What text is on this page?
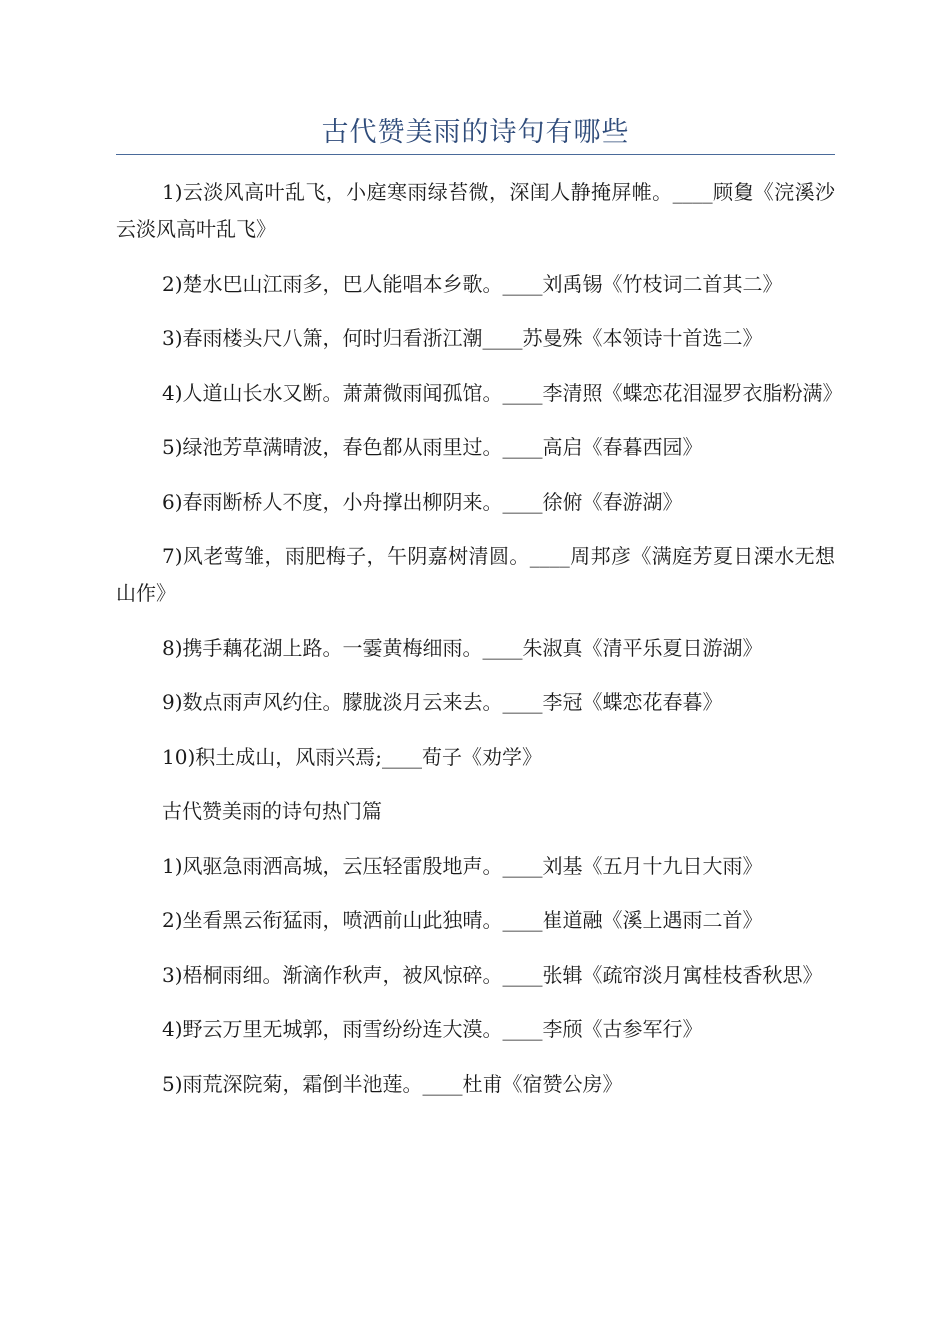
古代赞美雨的诗句有哪些

1)云淡风高叶乱飞，小庭寒雨绿苔微，深闺人静掩屏帷。____顾敻《浣溪沙云淡风高叶乱飞》

2)楚水巴山江雨多，巴人能唱本乡歌。____刘禹锡《竹枝词二首其二》

3)春雨楼头尺八箫，何时归看浙江潮____苏曼殊《本领诗十首选二》

4)人道山长水又断。萧萧微雨闻孤馆。____李清照《蝶恋花泪湿罗衣脂粉满》

5)绿池芳草满晴波，春色都从雨里过。____高启《春暮西园》

6)春雨断桥人不度，小舟撑出柳阴来。____徐俯《春游湖》

7)风老莺雏，雨肥梅子，午阴嘉树清圆。____周邦彦《满庭芳夏日溧水无想山作》

8)携手藕花湖上路。一霎黄梅细雨。____朱淑真《清平乐夏日游湖》

9)数点雨声风约住。朦胧淡月云来去。____李冠《蝶恋花春暮》

10)积土成山，风雨兴焉;____荀子《劝学》

古代赞美雨的诗句热门篇

1)风驱急雨洒高城，云压轻雷殷地声。____刘基《五月十九日大雨》

2)坐看黑云衔猛雨，喷洒前山此独晴。____崔道融《溪上遇雨二首》

3)梧桐雨细。渐滴作秋声，被风惊碎。____张辑《疏帘淡月寓桂枝香秋思》

4)野云万里无城郭，雨雪纷纷连大漠。____李颀《古参军行》

5)雨荒深院菊，霜倒半池莲。____杜甫《宿赞公房》
